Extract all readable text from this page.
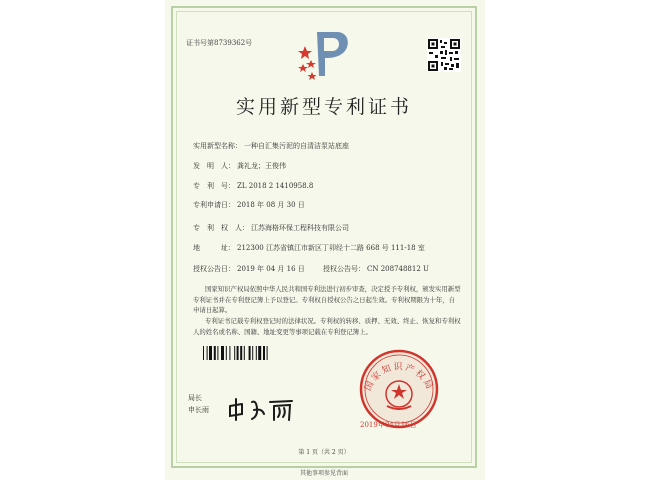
证书号第8739362号
实用新型专利证书
实用新型名称： 一种自汇集污泥的自清洁泵站底座
发　明　人： 龚礼龙；王俊伟
专　利　号： ZL 2018 2 1410958.8
专利申请日： 2018 年 08 月 30 日
专　利　权　人： 江苏海格环保工程科技有限公司
地　　　址： 212300 江苏省镇江市新区丁卯经十二路 668 号 111-18 室
授权公告日： 2019 年 04 月 16 日	授权公告号： CN 208748812 U
国家知识产权局依照中华人民共和国专利法进行初步审查，决定授予专利权，颁发实用新型专利证书并在专利登记簿上予以登记。专利权自授权公告之日起生效。专利权期限为十年，自申请日起算。
专利证书记载专利权登记时的法律状况。专利权的转移、质押、无效、终止、恢复和专利权人的姓名或名称、国籍、地址变更等事项记载在专利登记簿上。
局长
申长雨
国家知识产权局
2019年04月16日
第 1 页（共 2 页）
其他事项参见背面
